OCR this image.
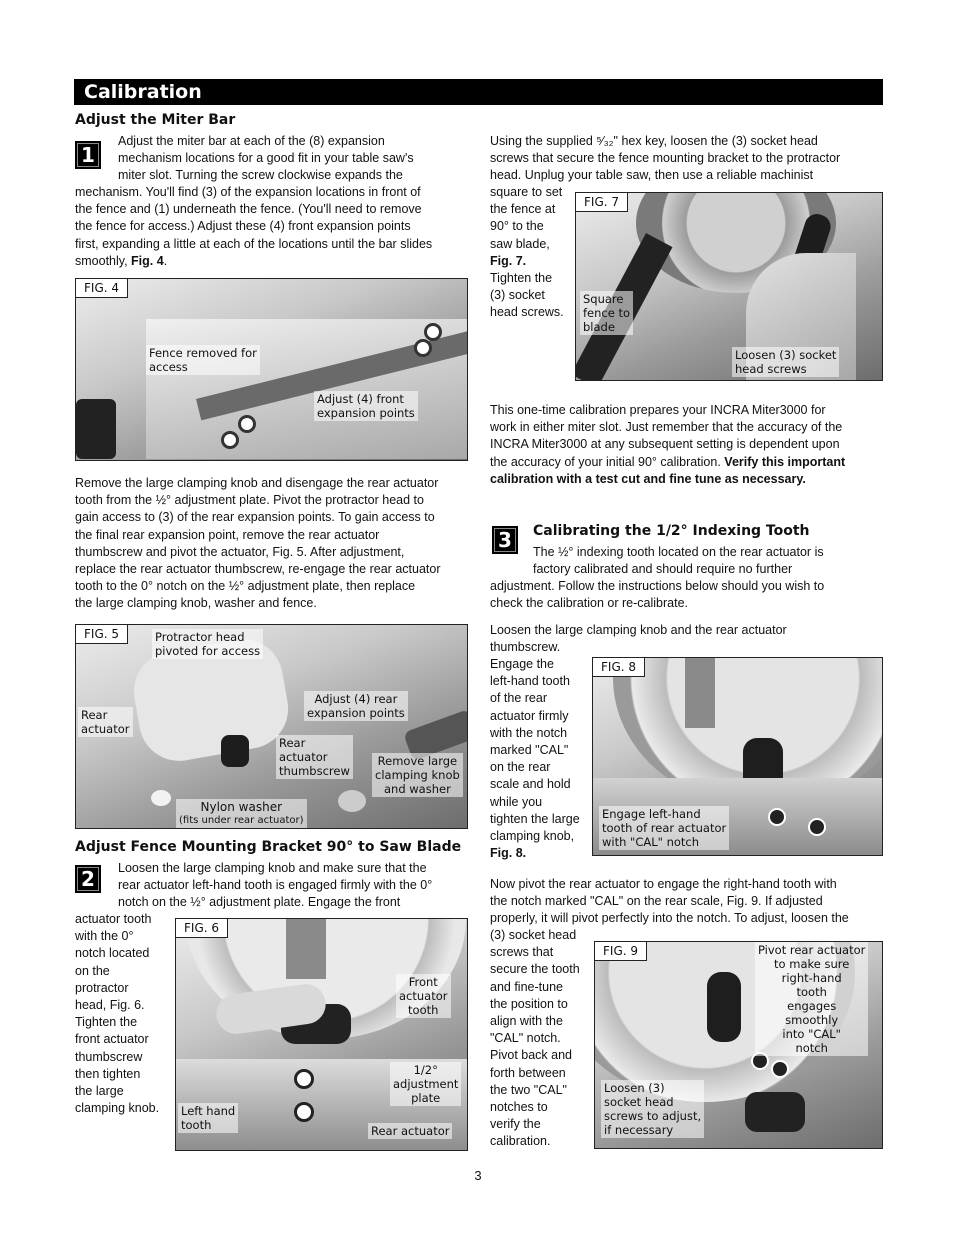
Calibration
Adjust the Miter Bar
1
Adjust the miter bar at each of the (8) expansion
mechanism locations for a good fit in your table saw's
miter slot. Turning the screw clockwise expands the
mechanism. You'll find (3) of the expansion locations in front of
the fence and (1) underneath the fence. (You'll need to remove
the fence for access.) Adjust these (4) front expansion points
first, expanding a little at each of the locations until the bar slides
smoothly, Fig. 4.
FIG. 4
Fence removed for
access
Adjust (4) front
expansion points
Remove the large clamping knob and disengage the rear actuator
tooth from the ½° adjustment plate. Pivot the protractor head to
gain access to (3) of the rear expansion points. To gain access to
the final rear expansion point, remove the rear actuator
thumbscrew and pivot the actuator, Fig. 5. After adjustment,
replace the rear actuator thumbscrew, re-engage the rear actuator
tooth to the 0° notch on the ½° adjustment plate, then replace
the large clamping knob, washer and fence.
FIG. 5	Protractor head
pivoted for access
Rear
actuator
Adjust (4) rear
expansion points
Rear
actuator
thumbscrew
Remove large
clamping knob
and washer
Nylon washer
(fits under rear actuator)
Adjust Fence Mounting Bracket 90° to Saw Blade
2	Loosen the large clamping knob and make sure that the
rear actuator left-hand tooth is engaged firmly with the 0°
notch on the ½° adjustment plate. Engage the front
actuator tooth
with the 0°
notch located
on the
protractor
head, Fig. 6.
Tighten the
front actuator
thumbscrew
then tighten
the large
clamping knob.
FIG. 6
Front
actuator
tooth
1/2°
adjustment
plate
Left hand
tooth	Rear actuator
Using the supplied ⁵⁄₃₂" hex key, loosen the (3) socket head
screws that secure the fence mounting bracket to the protractor
head. Unplug your table saw, then use a reliable machinist
square to set
the fence at
90° to the
saw blade,
Fig. 7.
Tighten the
(3) socket
head screws.
FIG. 7
Square
fence to
blade
Loosen (3) socket
head screws
This one-time calibration prepares your INCRA Miter3000 for
work in either miter slot. Just remember that the accuracy of the
INCRA Miter3000 at any subsequent setting is dependent upon
the accuracy of your initial 90° calibration. Verify this important
calibration with a test cut and fine tune as necessary.
3	Calibrating the 1/2° Indexing Tooth
The ½° indexing tooth located on the rear actuator is
factory calibrated and should require no further
adjustment. Follow the instructions below should you wish to
check the calibration or re-calibrate.
Loosen the large clamping knob and the rear actuator
thumbscrew.
Engage the
left-hand tooth
of the rear
actuator firmly
with the notch
marked "CAL"
on the rear
scale and hold
while you
tighten the large
clamping knob,
Fig. 8.
FIG. 8
Engage left-hand
tooth of rear actuator
with "CAL" notch
Now pivot the rear actuator to engage the right-hand tooth with
the notch marked "CAL" on the rear scale, Fig. 9. If adjusted
properly, it will pivot perfectly into the notch. To adjust, loosen the
(3) socket head
screws that
secure the tooth
and fine-tune
the position to
align with the
"CAL" notch.
Pivot back and
forth between
the two "CAL"
notches to
verify the
calibration.
FIG. 9	Pivot rear actuator
to make sure
right-hand
tooth
engages
smoothly
into "CAL"
notch
Loosen (3)
socket head
screws to adjust,
if necessary
3
